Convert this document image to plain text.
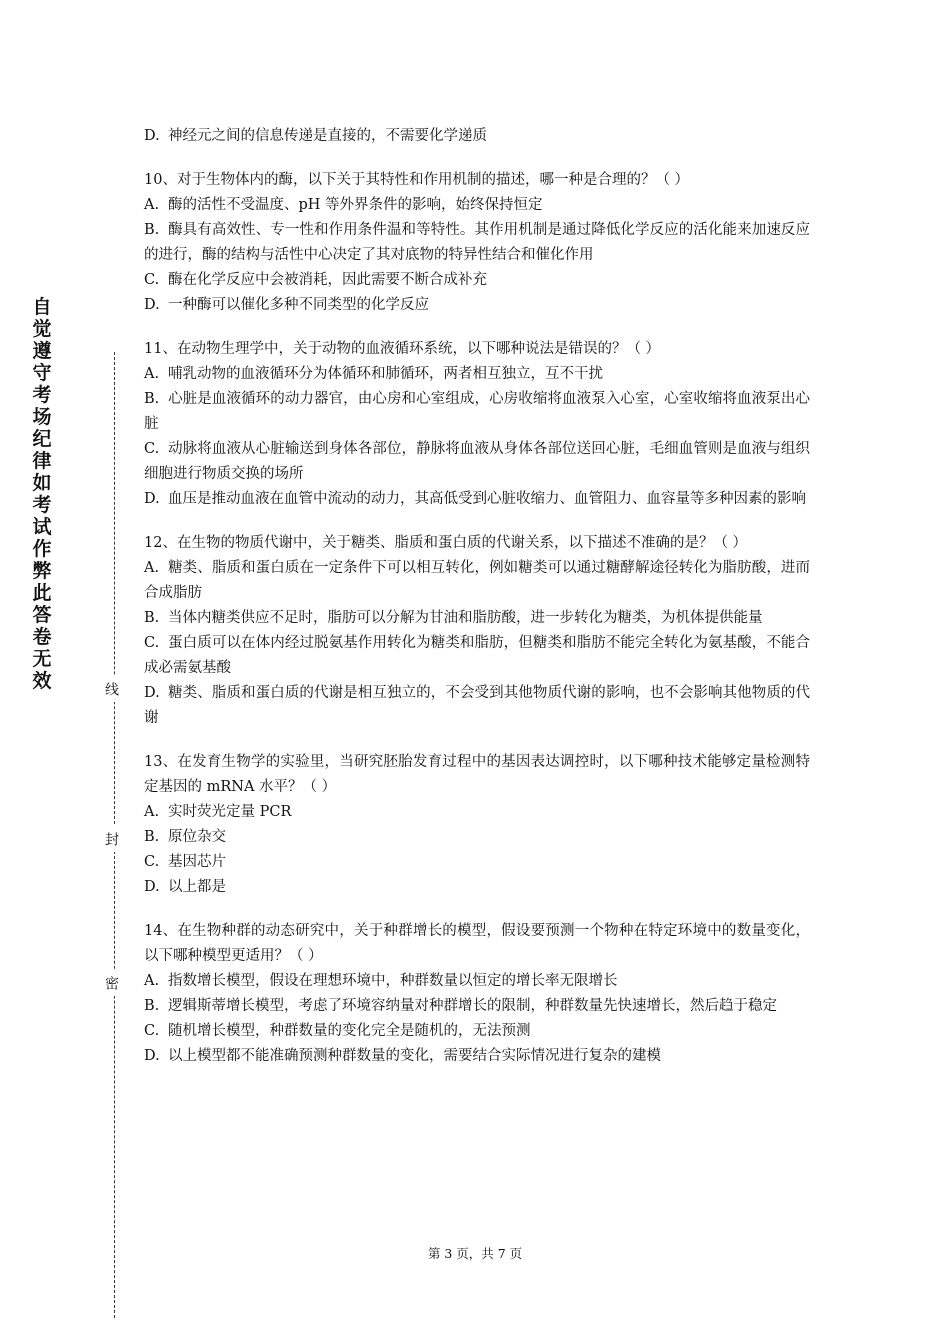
自觉遵守考场纪律如考试作弊此答卷无效	线
封
密

D. 神经元之间的信息传递是直接的，不需要化学递质

10、对于生物体内的酶，以下关于其特性和作用机制的描述，哪一种是合理的？（ ）

A. 酶的活性不受温度、pH 等外界条件的影响，始终保持恒定

B. 酶具有高效性、专一性和作用条件温和等特性。其作用机制是通过降低化学反应的活化能来加速反应的进行，酶的结构与活性中心决定了其对底物的特异性结合和催化作用

C. 酶在化学反应中会被消耗，因此需要不断合成补充

D. 一种酶可以催化多种不同类型的化学反应

11、在动物生理学中，关于动物的血液循环系统，以下哪种说法是错误的？（ ）

A. 哺乳动物的血液循环分为体循环和肺循环，两者相互独立，互不干扰

B. 心脏是血液循环的动力器官，由心房和心室组成，心房收缩将血液泵入心室，心室收缩将血液泵出心脏

C. 动脉将血液从心脏输送到身体各部位，静脉将血液从身体各部位送回心脏，毛细血管则是血液与组织细胞进行物质交换的场所

D. 血压是推动血液在血管中流动的动力，其高低受到心脏收缩力、血管阻力、血容量等多种因素的影响

12、在生物的物质代谢中，关于糖类、脂质和蛋白质的代谢关系，以下描述不准确的是？（ ）

A. 糖类、脂质和蛋白质在一定条件下可以相互转化，例如糖类可以通过糖酵解途径转化为脂肪酸，进而合成脂肪

B. 当体内糖类供应不足时，脂肪可以分解为甘油和脂肪酸，进一步转化为糖类，为机体提供能量

C. 蛋白质可以在体内经过脱氨基作用转化为糖类和脂肪，但糖类和脂肪不能完全转化为氨基酸，不能合成必需氨基酸

D. 糖类、脂质和蛋白质的代谢是相互独立的，不会受到其他物质代谢的影响，也不会影响其他物质的代谢

13、在发育生物学的实验里，当研究胚胎发育过程中的基因表达调控时，以下哪种技术能够定量检测特定基因的 mRNA 水平？（ ）

A. 实时荧光定量 PCR

B. 原位杂交

C. 基因芯片

D. 以上都是

14、在生物种群的动态研究中，关于种群增长的模型，假设要预测一个物种在特定环境中的数量变化，以下哪种模型更适用？（ ）

A. 指数增长模型，假设在理想环境中，种群数量以恒定的增长率无限增长

B. 逻辑斯蒂增长模型，考虑了环境容纳量对种群增长的限制，种群数量先快速增长，然后趋于稳定

C. 随机增长模型，种群数量的变化完全是随机的，无法预测

D. 以上模型都不能准确预测种群数量的变化，需要结合实际情况进行复杂的建模

第 3 页，共 7 页
